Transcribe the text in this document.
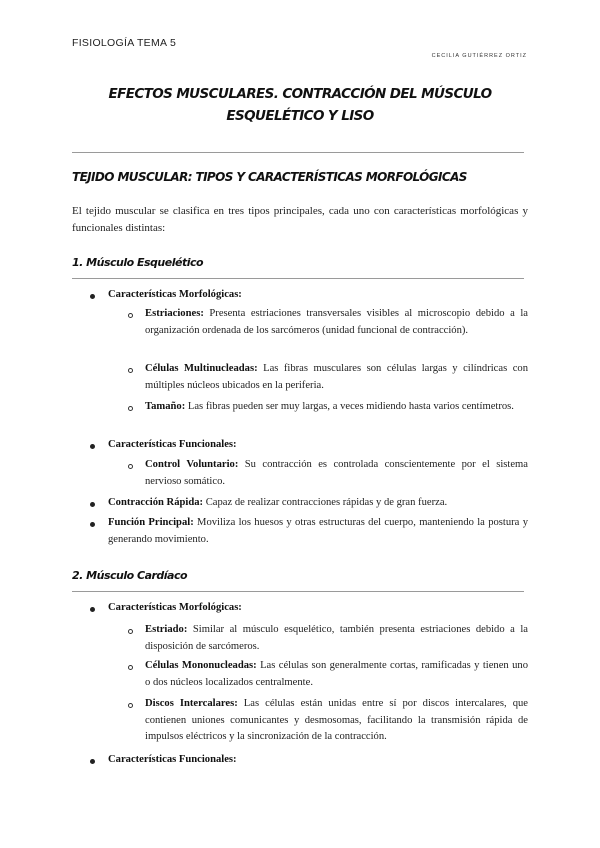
FISIOLOGÍA TEMA 5
CECILIA GUTIÉRREZ ORTIZ
EFECTOS MUSCULARES. CONTRACCIÓN DEL MÚSCULO
ESQUELÉTICO Y LISO
TEJIDO MUSCULAR: TIPOS Y CARACTERÍSTICAS MORFOLÓGICAS
El tejido muscular se clasifica en tres tipos principales, cada uno con características morfológicas y funcionales distintas:
1. Músculo Esquelético
Características Morfológicas:
Estriaciones: Presenta estriaciones transversales visibles al microscopio debido a la organización ordenada de los sarcómeros (unidad funcional de contracción).
Células Multinucleadas: Las fibras musculares son células largas y cilíndricas con múltiples núcleos ubicados en la periferia.
Tamaño: Las fibras pueden ser muy largas, a veces midiendo hasta varios centímetros.
Características Funcionales:
Control Voluntario: Su contracción es controlada conscientemente por el sistema nervioso somático.
Contracción Rápida: Capaz de realizar contracciones rápidas y de gran fuerza.
Función Principal: Moviliza los huesos y otras estructuras del cuerpo, manteniendo la postura y generando movimiento.
2. Músculo Cardíaco
Características Morfológicas:
Estriado: Similar al músculo esquelético, también presenta estriaciones debido a la disposición de sarcómeros.
Células Mononucleadas: Las células son generalmente cortas, ramificadas y tienen uno o dos núcleos localizados centralmente.
Discos Intercalares: Las células están unidas entre sí por discos intercalares, que contienen uniones comunicantes y desmosomas, facilitando la transmisión rápida de impulsos eléctricos y la sincronización de la contracción.
Características Funcionales:
